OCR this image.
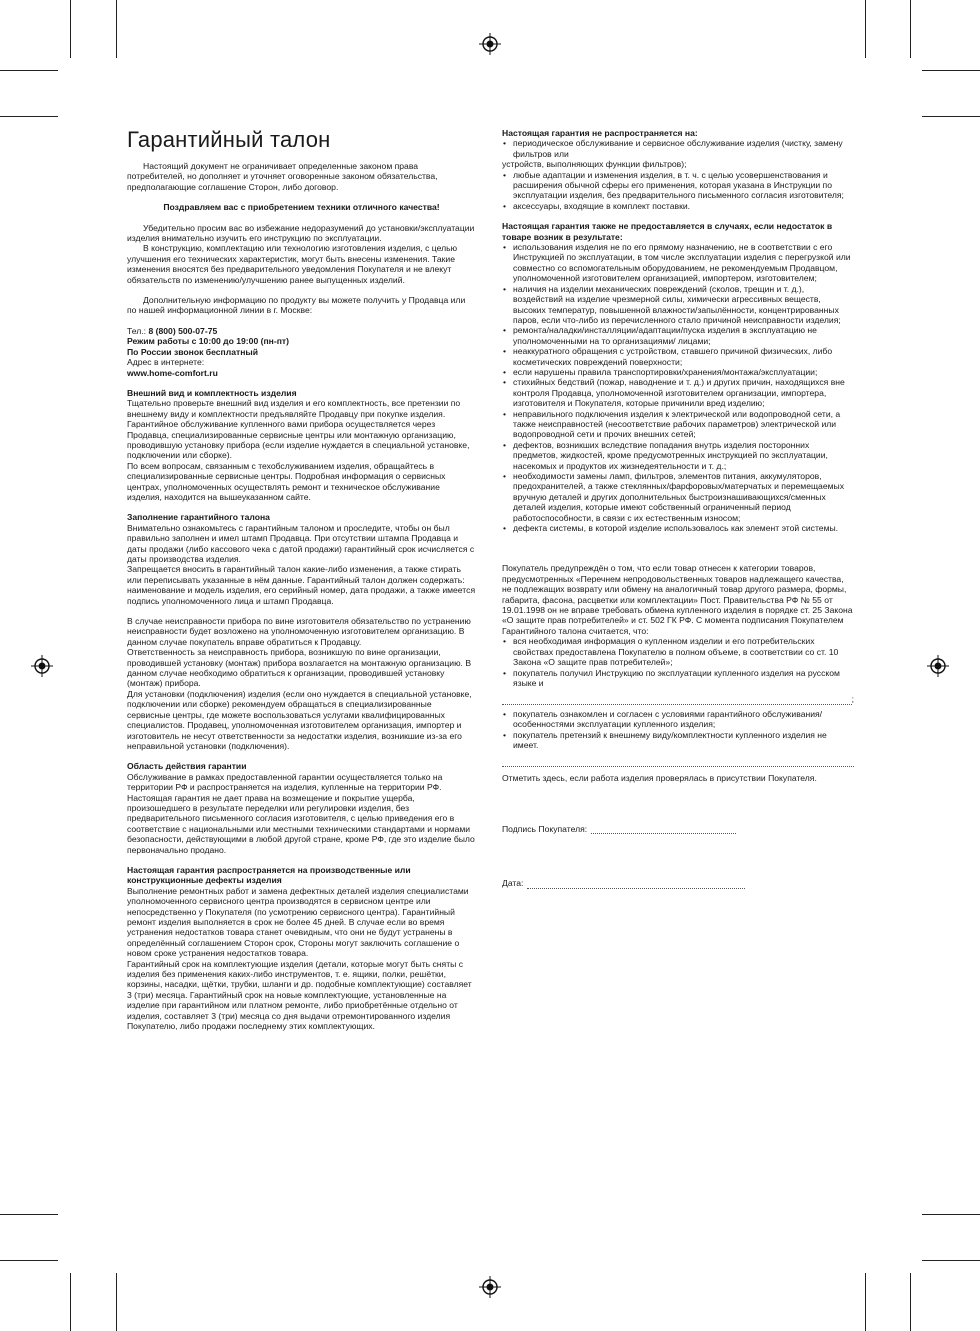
Гарантийный талон

Настоящий документ не ограничивает определенные законом права потребителей, но дополняет и уточняет оговоренные законом обязательства, предполагающие соглашение Сторон, либо договор.

Поздравляем вас с приобретением техники отличного качества!

Убедительно просим вас во избежание недоразумений до установки/эксплуатации изделия внимательно изучить его инструкцию по эксплуатации.

В конструкцию, комплектацию или технологию изготовления изделия, с целью улучшения его технических характеристик, могут быть внесены изменения. Такие изменения вносятся без предварительного уведомления Покупателя и не влекут обязательств по изменению/улучшению ранее выпущенных изделий.

Дополнительную информацию по продукту вы можете получить у Продавца или по нашей информационной линии в г. Москве:

Тел.: 8 (800) 500-07-75

Режим работы с 10:00 до 19:00 (пн-пт)

По России звонок бесплатный

Адрес в интернете:

www.home-comfort.ru

Внешний вид и комплектность изделия

Тщательно проверьте внешний вид изделия и его комплектность, все претензии по внешнему виду и комплектности предъявляйте Продавцу при покупке изделия. Гарантийное обслуживание купленного вами прибора осуществляется через Продавца, специализированные сервисные центры или монтажную организацию, проводившую установку прибора (если изделие нуждается в специальной установке, подключении или сборке).

По всем вопросам, связанным с техобслуживанием изделия, обращайтесь в специализированные сервисные центры. Подробная информация о сервисных центрах, уполномоченных осуществлять ремонт и техническое обслуживание изделия, находится на вышеуказанном сайте.

Заполнение гарантийного талона

Внимательно ознакомьтесь с гарантийным талоном и проследите, чтобы он был правильно заполнен и имел штамп Продавца. При отсутствии штампа Продавца и даты продажи (либо кассового чека с датой продажи) гарантийный срок исчисляется с даты производства изделия.

Запрещается вносить в гарантийный талон какие-либо изменения, а также стирать или переписывать указанные в нём данные. Гарантийный талон должен содержать: наименование и модель изделия, его серийный номер, дата продажи, а также имеется подпись уполномоченного лица и штамп Продавца.

В случае неисправности прибора по вине изготовителя обязательство по устранению неисправности будет возложено на уполномоченную изготовителем организацию. В данном случае покупатель вправе обратиться к Продавцу.

Ответственность за неисправность прибора, возникшую по вине организации, проводившей установку (монтаж) прибора возлагается на монтажную организацию. В данном случае необходимо обратиться к организации, проводившей установку (монтаж) прибора.

Для установки (подключения) изделия (если оно нуждается в специальной установке, подключении или сборке) рекомендуем обращаться в специализированные сервисные центры, где можете воспользоваться услугами квалифицированных специалистов. Продавец, уполномоченная изготовителем организация, импортер и изготовитель не несут ответственности за недостатки изделия, возникшие из-за его неправильной установки (подключения).

Область действия гарантии

Обслуживание в рамках предоставленной гарантии осуществляется только на территории РФ и распространяется на изделия, купленные на территории РФ.

Настоящая гарантия не дает права на возмещение и покрытие ущерба, произошедшего в результате переделки или регулировки изделия, без предварительного письменного согласия изготовителя, с целью приведения его в соответствие с национальными или местными техническими стандартами и нормами безопасности, действующими в любой другой стране, кроме РФ, где это изделие было первоначально продано.

Настоящая гарантия распространяется на производственные или конструкционные дефекты изделия

Выполнение ремонтных работ и замена дефектных деталей изделия специалистами уполномоченного сервисного центра производятся в сервисном центре или непосредственно у Покупателя (по усмотрению сервисного центра). Гарантийный ремонт изделия выполняется в срок не более 45 дней. В случае если во время устранения недостатков товара станет очевидным, что они не будут устранены в определённый соглашением Сторон срок, Стороны могут заключить соглашение о новом сроке устранения недостатков товара.

Гарантийный срок на комплектующие изделия (детали, которые могут быть сняты с изделия без применения каких-либо инструментов, т. е. ящики, полки, решётки, корзины, насадки, щётки, трубки, шланги и др. подобные комплектующие) составляет 3 (три) месяца. Гарантийный срок на новые комплектующие, установленные на изделие при гарантийном или платном ремонте, либо приобретённые отдельно от изделия, составляет 3 (три) месяца со дня выдачи отремонтированного изделия Покупателю, либо продажи последнему этих комплектующих.

Настоящая гарантия не распространяется на:

• периодическое обслуживание и сервисное обслуживание изделия (чистку, замену фильтров или

устройств, выполняющих функции фильтров);

• любые адаптации и изменения изделия, в т. ч. с целью усовершенствования и расширения обычной сферы его применения, которая указана в Инструкции по эксплуатации изделия, без предварительного письменного согласия изготовителя;
• аксессуары, входящие в комплект поставки.

Настоящая гарантия также не предоставляется в случаях, если недостаток в товаре возник в результате:

• использования изделия не по его прямому назначению, не в соответствии с его Инструкцией по эксплуатации, в том числе эксплуатации изделия с перегрузкой или совместно со вспомогательным оборудованием, не рекомендуемым Продавцом, уполномоченной изготовителем организацией, импортером, изготовителем;
• наличия на изделии механических повреждений (сколов, трещин и т. д.), воздействий на изделие чрезмерной силы, химически агрессивных веществ, высоких температур, повышенной влажности/запылённости, концентрированных паров, если что-либо из перечисленного стало причиной неисправности изделия;
• ремонта/наладки/инсталляции/адаптации/пуска изделия в эксплуатацию не уполномоченными на то организациями/ лицами;
• неаккуратного обращения с устройством, ставшего причиной физических, либо косметических повреждений поверхности;
• если нарушены правила транспортировки/хранения/монтажа/эксплуатации;
• стихийных бедствий (пожар, наводнение и т. д.) и других причин, находящихся вне контроля Продавца, уполномоченной изготовителем организации, импортера, изготовителя и Покупателя, которые причинили вред изделию;
• неправильного подключения изделия к электрической или водопроводной сети, а также неисправностей (несоответствие рабочих параметров) электрической или водопроводной сети и прочих внешних сетей;
• дефектов, возникших вследствие попадания внутрь изделия посторонних предметов, жидкостей, кроме предусмотренных инструкцией по эксплуатации, насекомых и продуктов их жизнедеятельности и т. д.;
• необходимости замены ламп, фильтров, элементов питания, аккумуляторов, предохранителей, а также стеклянных/фарфоровых/матерчатых и перемещаемых вручную деталей и других дополнительных быстроизнашивающихся/сменных деталей изделия, которые имеют собственный ограниченный период работоспособности, в связи с их естественным износом;
• дефекта системы, в которой изделие использовалось как элемент этой системы.

Покупатель предупреждён о том, что если товар отнесен к категории товаров, предусмотренных «Перечнем непродовольственных товаров надлежащего качества, не подлежащих возврату или обмену на аналогичный товар другого размера, формы, габарита, фасона, расцветки или комплектации» Пост. Правительства РФ № 55 от 19.01.1998 он не вправе требовать обмена купленного изделия в порядке ст. 25 Закона «О защите прав потребителей» и ст. 502 ГК РФ. С момента подписания Покупателем Гарантийного талона считается, что:

• вся необходимая информация о купленном изделии и его потребительских свойствах предоставлена Покупателю в полном объеме, в соответствии со ст. 10 Закона «О защите прав потребителей»;
• покупатель получил Инструкцию по эксплуатации купленного изделия на русском языке и
;
• покупатель ознакомлен и согласен с условиями гарантийного обслуживания/особенностями эксплуатации купленного изделия;
• покупатель претензий к внешнему виду/комплектности купленного изделия не имеет.

Отметить здесь, если работа изделия проверялась в присутствии Покупателя.

Подпись Покупателя:
Дата:
